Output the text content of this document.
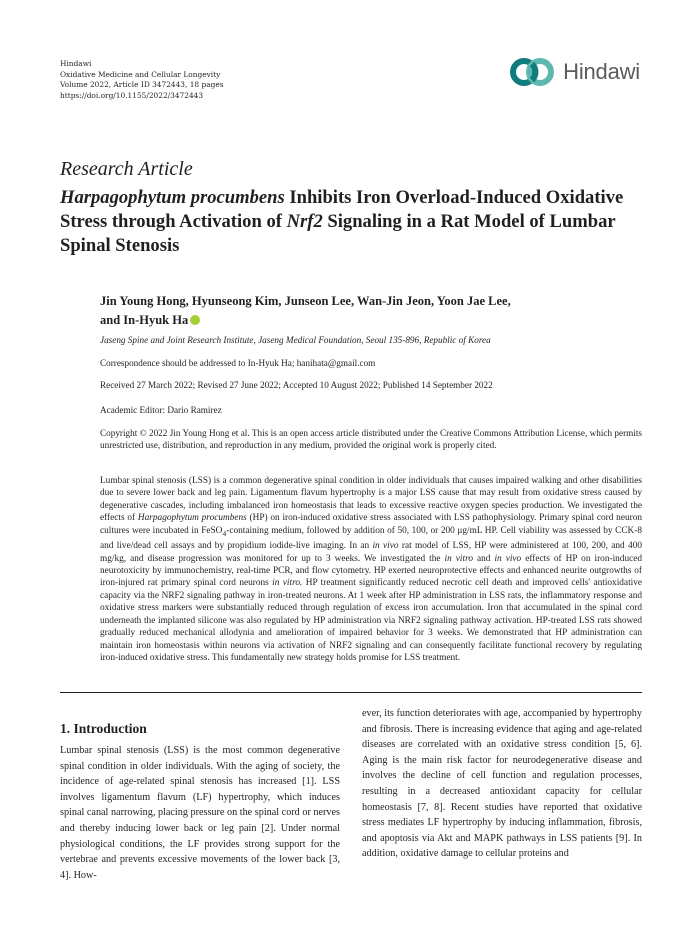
Hindawi
Oxidative Medicine and Cellular Longevity
Volume 2022, Article ID 3472443, 18 pages
https://doi.org/10.1155/2022/3472443
Hindawi
Research Article
Harpagophytum procumbens Inhibits Iron Overload-Induced Oxidative Stress through Activation of Nrf2 Signaling in a Rat Model of Lumbar Spinal Stenosis
Jin Young Hong, Hyunseong Kim, Junseon Lee, Wan-Jin Jeon, Yoon Jae Lee,
and In-Hyuk Ha
Jaseng Spine and Joint Research Institute, Jaseng Medical Foundation, Seoul 135-896, Republic of Korea
Correspondence should be addressed to In-Hyuk Ha; hanihata@gmail.com
Received 27 March 2022; Revised 27 June 2022; Accepted 10 August 2022; Published 14 September 2022
Academic Editor: Dario Ramirez
Copyright © 2022 Jin Young Hong et al. This is an open access article distributed under the Creative Commons Attribution License, which permits unrestricted use, distribution, and reproduction in any medium, provided the original work is properly cited.
Lumbar spinal stenosis (LSS) is a common degenerative spinal condition in older individuals that causes impaired walking and other disabilities due to severe lower back and leg pain. Ligamentum flavum hypertrophy is a major LSS cause that may result from oxidative stress caused by degenerative cascades, including imbalanced iron homeostasis that leads to excessive reactive oxygen species production. We investigated the effects of Harpagophytum procumbens (HP) on iron-induced oxidative stress associated with LSS pathophysiology. Primary spinal cord neuron cultures were incubated in FeSO$_4$-containing medium, followed by addition of 50, 100, or 200 μg/mL HP. Cell viability was assessed by CCK-8 and live/dead cell assays and by propidium iodide-live imaging. In an in vivo rat model of LSS, HP were administered at 100, 200, and 400 mg/kg, and disease progression was monitored for up to 3 weeks. We investigated the in vitro and in vivo effects of HP on iron-induced neurotoxicity by immunochemistry, real-time PCR, and flow cytometry. HP exerted neuroprotective effects and enhanced neurite outgrowths of iron-injured rat primary spinal cord neurons in vitro. HP treatment significantly reduced necrotic cell death and improved cells' antioxidative capacity via the NRF2 signaling pathway in iron-treated neurons. At 1 week after HP administration in LSS rats, the inflammatory response and oxidative stress markers were substantially reduced through regulation of excess iron accumulation. Iron that accumulated in the spinal cord underneath the implanted silicone was also regulated by HP administration via NRF2 signaling pathway activation. HP-treated LSS rats showed gradually reduced mechanical allodynia and amelioration of impaired behavior for 3 weeks. We demonstrated that HP administration can maintain iron homeostasis within neurons via activation of NRF2 signaling and can consequently facilitate functional recovery by regulating iron-induced oxidative stress. This fundamentally new strategy holds promise for LSS treatment.
1. Introduction
Lumbar spinal stenosis (LSS) is the most common degenerative spinal condition in older individuals. With the aging of society, the incidence of age-related spinal stenosis has increased [1]. LSS involves ligamentum flavum (LF) hypertrophy, which induces spinal canal narrowing, placing pressure on the spinal cord or nerves and thereby inducing lower back or leg pain [2]. Under normal physiological conditions, the LF provides strong support for the vertebrae and prevents excessive movements of the lower back [3, 4]. How-
ever, its function deteriorates with age, accompanied by hypertrophy and fibrosis. There is increasing evidence that aging and age-related diseases are correlated with an oxidative stress condition [5, 6]. Aging is the main risk factor for neurodegenerative disease and involves the decline of cell function and regulation processes, resulting in a decreased antioxidant capacity for cellular homeostasis [7, 8]. Recent studies have reported that oxidative stress mediates LF hypertrophy by inducing inflammation, fibrosis, and apoptosis via Akt and MAPK pathways in LSS patients [9]. In addition, oxidative damage to cellular proteins and
